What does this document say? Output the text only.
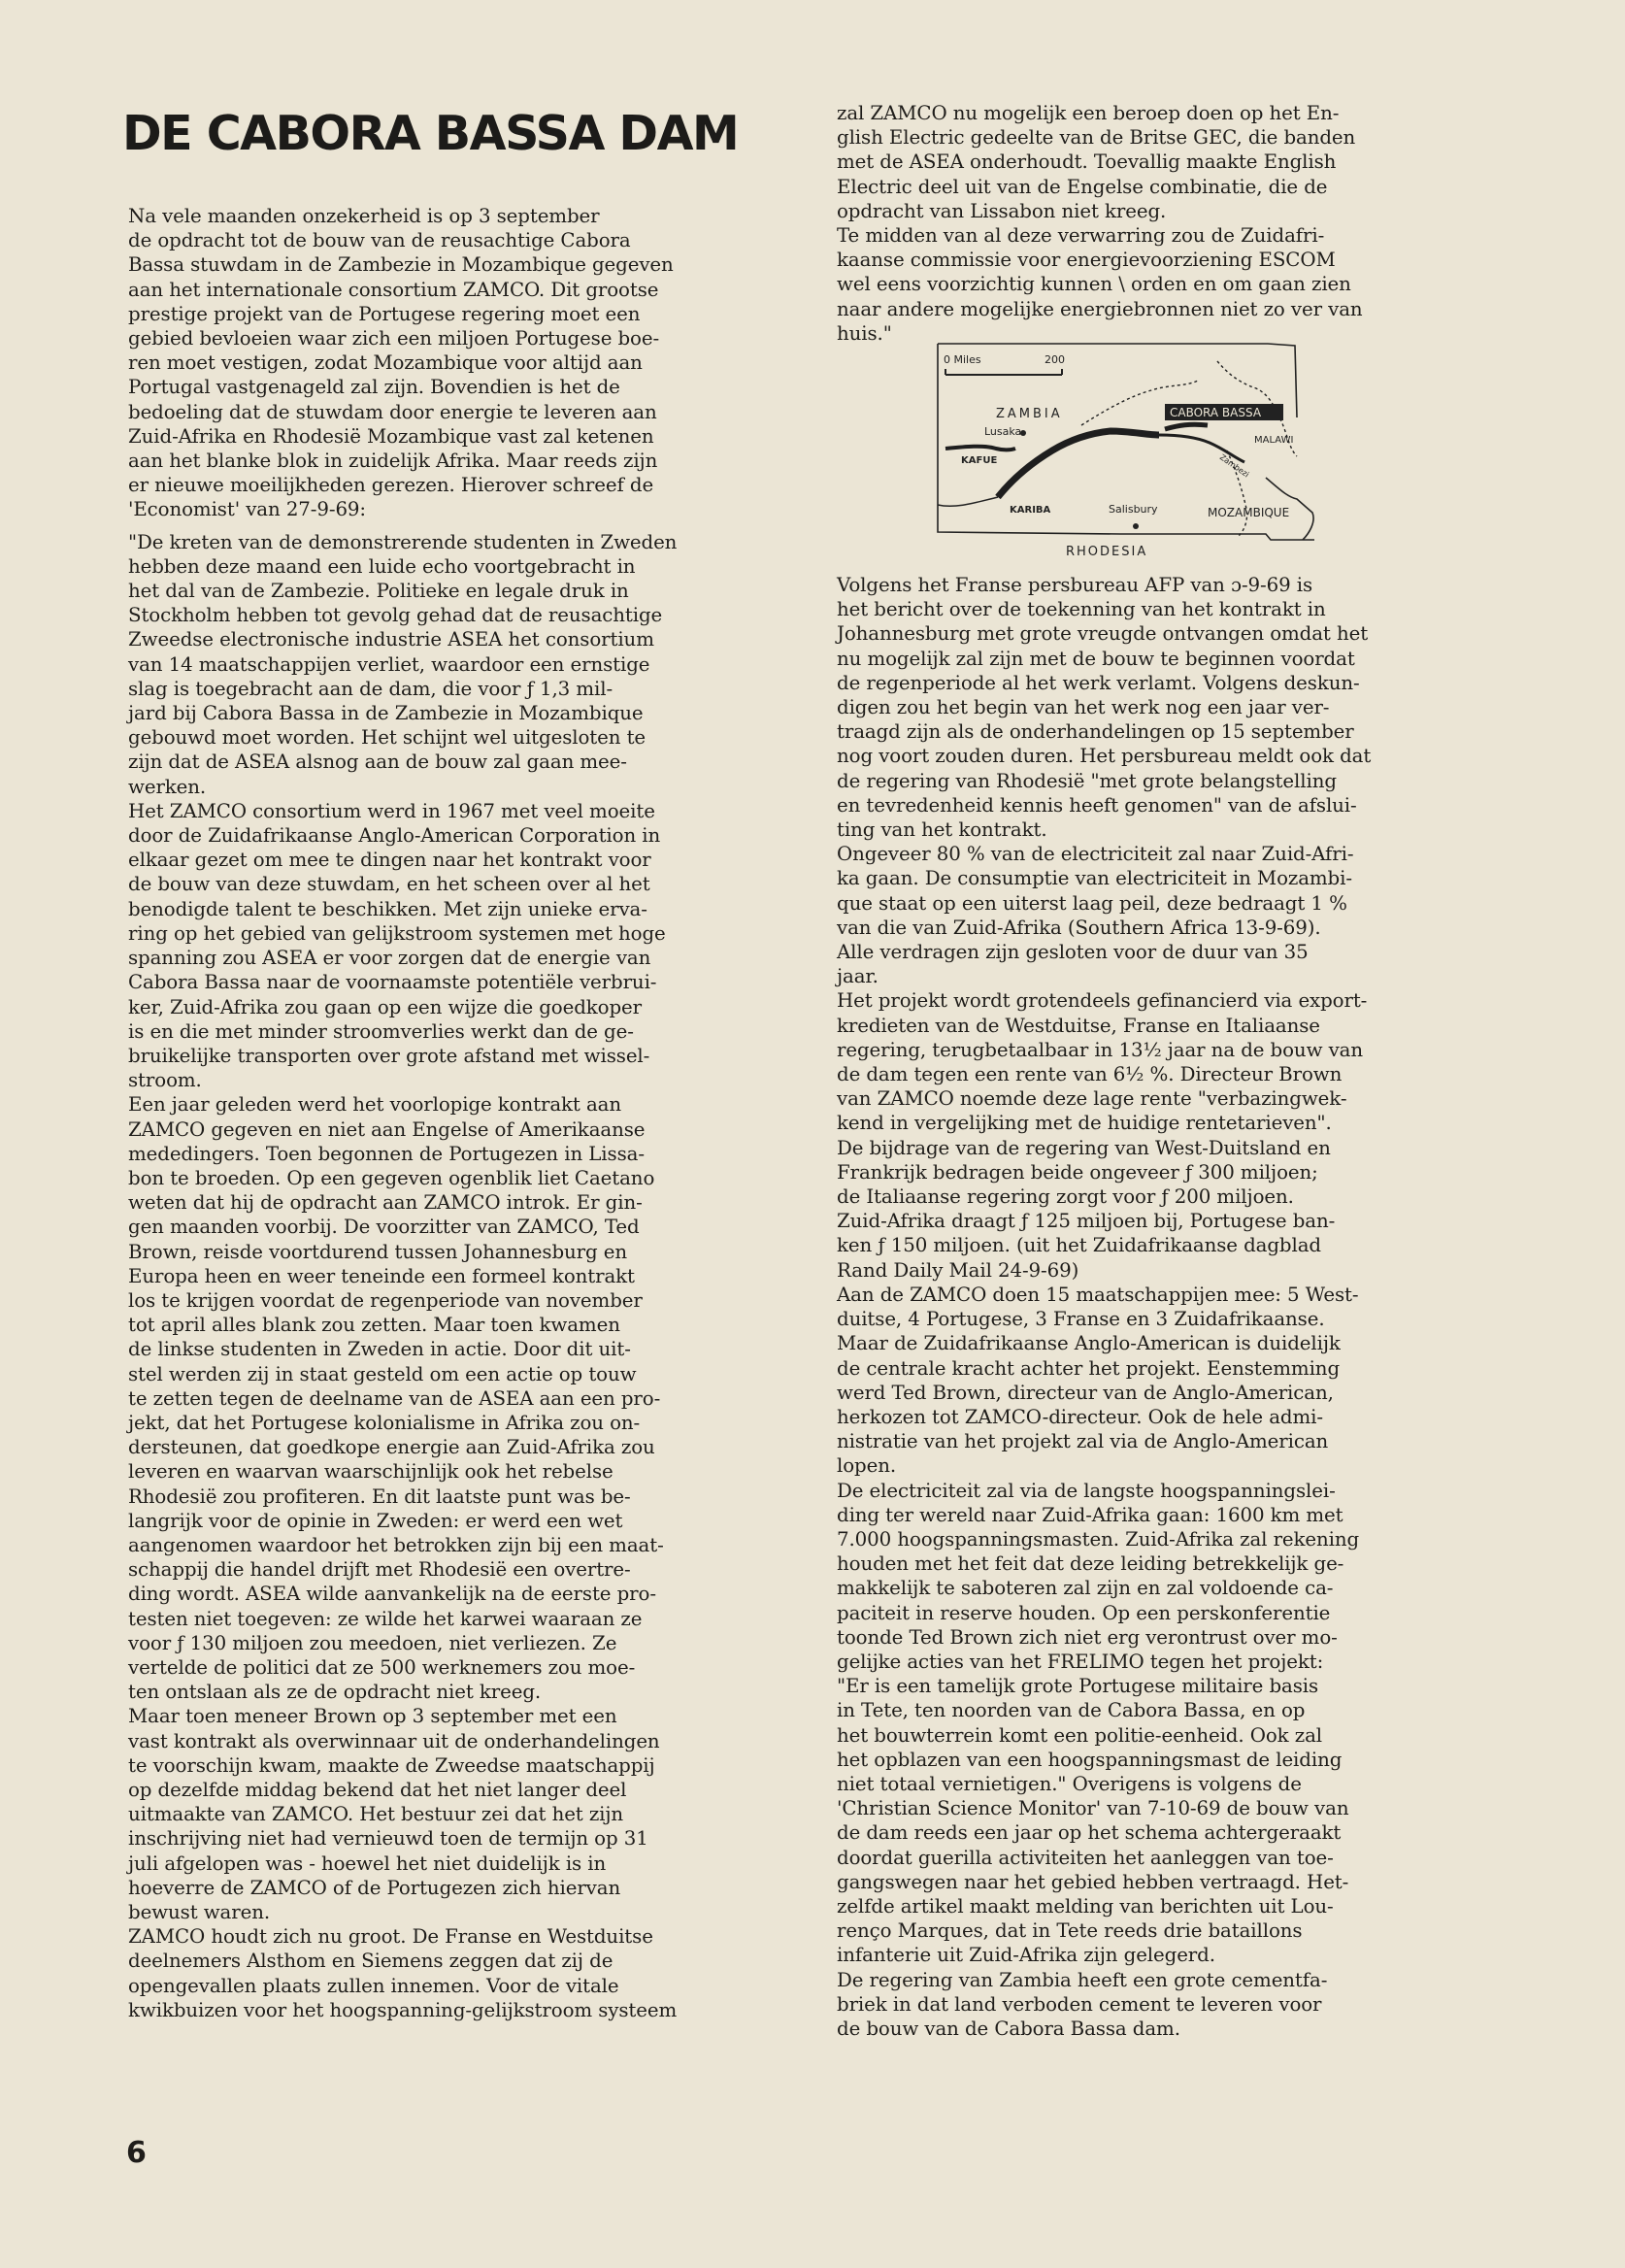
DE CABORA BASSA DAM

Na vele maanden onzekerheid is op 3 september
de opdracht tot de bouw van de reusachtige Cabora
Bassa stuwdam in de Zambezie in Mozambique gegeven
aan het internationale consortium ZAMCO. Dit grootse
prestige projekt van de Portugese regering moet een
gebied bevloeien waar zich een miljoen Portugese boe-
ren moet vestigen, zodat Mozambique voor altijd aan
Portugal vastgenageld zal zijn. Bovendien is het de
bedoeling dat de stuwdam door energie te leveren aan
Zuid-Afrika en Rhodesië Mozambique vast zal ketenen
aan het blanke blok in zuidelijk Afrika. Maar reeds zijn
er nieuwe moeilijkheden gerezen. Hierover schreef de
'Economist' van 27-9-69:

"De kreten van de demonstrerende studenten in Zweden
hebben deze maand een luide echo voortgebracht in
het dal van de Zambezie. Politieke en legale druk in
Stockholm hebben tot gevolg gehad dat de reusachtige
Zweedse electronische industrie ASEA het consortium
van 14 maatschappijen verliet, waardoor een ernstige
slag is toegebracht aan de dam, die voor ƒ 1,3 mil-
jard bij Cabora Bassa in de Zambezie in Mozambique
gebouwd moet worden. Het schijnt wel uitgesloten te
zijn dat de ASEA alsnog aan de bouw zal gaan mee-
werken.
Het ZAMCO consortium werd in 1967 met veel moeite
door de Zuidafrikaanse Anglo-American Corporation in
elkaar gezet om mee te dingen naar het kontrakt voor
de bouw van deze stuwdam, en het scheen over al het
benodigde talent te beschikken. Met zijn unieke erva-
ring op het gebied van gelijkstroom systemen met hoge
spanning zou ASEA er voor zorgen dat de energie van
Cabora Bassa naar de voornaamste potentiële verbrui-
ker, Zuid-Afrika zou gaan op een wijze die goedkoper
is en die met minder stroomverlies werkt dan de ge-
bruikelijke transporten over grote afstand met wissel-
stroom.
Een jaar geleden werd het voorlopige kontrakt aan
ZAMCO gegeven en niet aan Engelse of Amerikaanse
mededingers. Toen begonnen de Portugezen in Lissa-
bon te broeden. Op een gegeven ogenblik liet Caetano
weten dat hij de opdracht aan ZAMCO introk. Er gin-
gen maanden voorbij. De voorzitter van ZAMCO, Ted
Brown, reisde voortdurend tussen Johannesburg en
Europa heen en weer teneinde een formeel kontrakt
los te krijgen voordat de regenperiode van november
tot april alles blank zou zetten. Maar toen kwamen
de linkse studenten in Zweden in actie. Door dit uit-
stel werden zij in staat gesteld om een actie op touw
te zetten tegen de deelname van de ASEA aan een pro-
jekt, dat het Portugese kolonialisme in Afrika zou on-
dersteunen, dat goedkope energie aan Zuid-Afrika zou
leveren en waarvan waarschijnlijk ook het rebelse
Rhodesië zou profiteren. En dit laatste punt was be-
langrijk voor de opinie in Zweden: er werd een wet
aangenomen waardoor het betrokken zijn bij een maat-
schappij die handel drijft met Rhodesië een overtre-
ding wordt. ASEA wilde aanvankelijk na de eerste pro-
testen niet toegeven: ze wilde het karwei waaraan ze
voor ƒ 130 miljoen zou meedoen, niet verliezen. Ze
vertelde de politici dat ze 500 werknemers zou moe-
ten ontslaan als ze de opdracht niet kreeg.
Maar toen meneer Brown op 3 september met een
vast kontrakt als overwinnaar uit de onderhandelingen
te voorschijn kwam, maakte de Zweedse maatschappij
op dezelfde middag bekend dat het niet langer deel
uitmaakte van ZAMCO. Het bestuur zei dat het zijn
inschrijving niet had vernieuwd toen de termijn op 31
juli afgelopen was - hoewel het niet duidelijk is in
hoeverre de ZAMCO of de Portugezen zich hiervan
bewust waren.
ZAMCO houdt zich nu groot. De Franse en Westduitse
deelnemers Alsthom en Siemens zeggen dat zij de
opengevallen plaats zullen innemen. Voor de vitale
kwikbuizen voor het hoogspanning-gelijkstroom systeem

zal ZAMCO nu mogelijk een beroep doen op het En-
glish Electric gedeelte van de Britse GEC, die banden
met de ASEA onderhoudt. Toevallig maakte English
Electric deel uit van de Engelse combinatie, die de
opdracht van Lissabon niet kreeg.
Te midden van al deze verwarring zou de Zuidafri-
kaanse commissie voor energievoorziening ESCOM
wel eens voorzichtig kunnen \ orden en om gaan zien
naar andere mogelijke energiebronnen niet zo ver van
huis."

0 Miles	200
ZAMBIA
Lusaka
CABORA BASSA
MALAWI
KAFUE
KARIBA	Salisbury
Zambezi
MOZAMBIQUE
RHODESIA

Volgens het Franse persbureau AFP van ɔ-9-69 is
het bericht over de toekenning van het kontrakt in
Johannesburg met grote vreugde ontvangen omdat het
nu mogelijk zal zijn met de bouw te beginnen voordat
de regenperiode al het werk verlamt. Volgens deskun-
digen zou het begin van het werk nog een jaar ver-
traagd zijn als de onderhandelingen op 15 september
nog voort zouden duren. Het persbureau meldt ook dat
de regering van Rhodesië "met grote belangstelling
en tevredenheid kennis heeft genomen" van de afslui-
ting van het kontrakt.
Ongeveer 80 % van de electriciteit zal naar Zuid-Afri-
ka gaan. De consumptie van electriciteit in Mozambi-
que staat op een uiterst laag peil, deze bedraagt 1 %
van die van Zuid-Afrika (Southern Africa 13-9-69).
Alle verdragen zijn gesloten voor de duur van 35
jaar.
Het projekt wordt grotendeels gefinancierd via export-
kredieten van de Westduitse, Franse en Italiaanse
regering, terugbetaalbaar in 13½ jaar na de bouw van
de dam tegen een rente van 6½ %. Directeur Brown
van ZAMCO noemde deze lage rente "verbazingwek-
kend in vergelijking met de huidige rentetarieven".
De bijdrage van de regering van West-Duitsland en
Frankrijk bedragen beide ongeveer ƒ 300 miljoen;
de Italiaanse regering zorgt voor ƒ 200 miljoen.
Zuid-Afrika draagt ƒ 125 miljoen bij, Portugese ban-
ken ƒ 150 miljoen. (uit het Zuidafrikaanse dagblad
Rand Daily Mail 24-9-69)
Aan de ZAMCO doen 15 maatschappijen mee: 5 West-
duitse, 4 Portugese, 3 Franse en 3 Zuidafrikaanse.
Maar de Zuidafrikaanse Anglo-American is duidelijk
de centrale kracht achter het projekt. Eenstemming
werd Ted Brown, directeur van de Anglo-American,
herkozen tot ZAMCO-directeur. Ook de hele admi-
nistratie van het projekt zal via de Anglo-American
lopen.
De electriciteit zal via de langste hoogspanningslei-
ding ter wereld naar Zuid-Afrika gaan: 1600 km met
7.000 hoogspanningsmasten. Zuid-Afrika zal rekening
houden met het feit dat deze leiding betrekkelijk ge-
makkelijk te saboteren zal zijn en zal voldoende ca-
paciteit in reserve houden. Op een perskonferentie
toonde Ted Brown zich niet erg verontrust over mo-
gelijke acties van het FRELIMO tegen het projekt:
"Er is een tamelijk grote Portugese militaire basis
in Tete, ten noorden van de Cabora Bassa, en op
het bouwterrein komt een politie-eenheid. Ook zal
het opblazen van een hoogspanningsmast de leiding
niet totaal vernietigen." Overigens is volgens de
'Christian Science Monitor' van 7-10-69 de bouw van
de dam reeds een jaar op het schema achtergeraakt
doordat guerilla activiteiten het aanleggen van toe-
gangswegen naar het gebied hebben vertraagd. Het-
zelfde artikel maakt melding van berichten uit Lou-
renço Marques, dat in Tete reeds drie bataillons
infanterie uit Zuid-Afrika zijn gelegerd.
De regering van Zambia heeft een grote cementfa-
briek in dat land verboden cement te leveren voor
de bouw van de Cabora Bassa dam.

6
